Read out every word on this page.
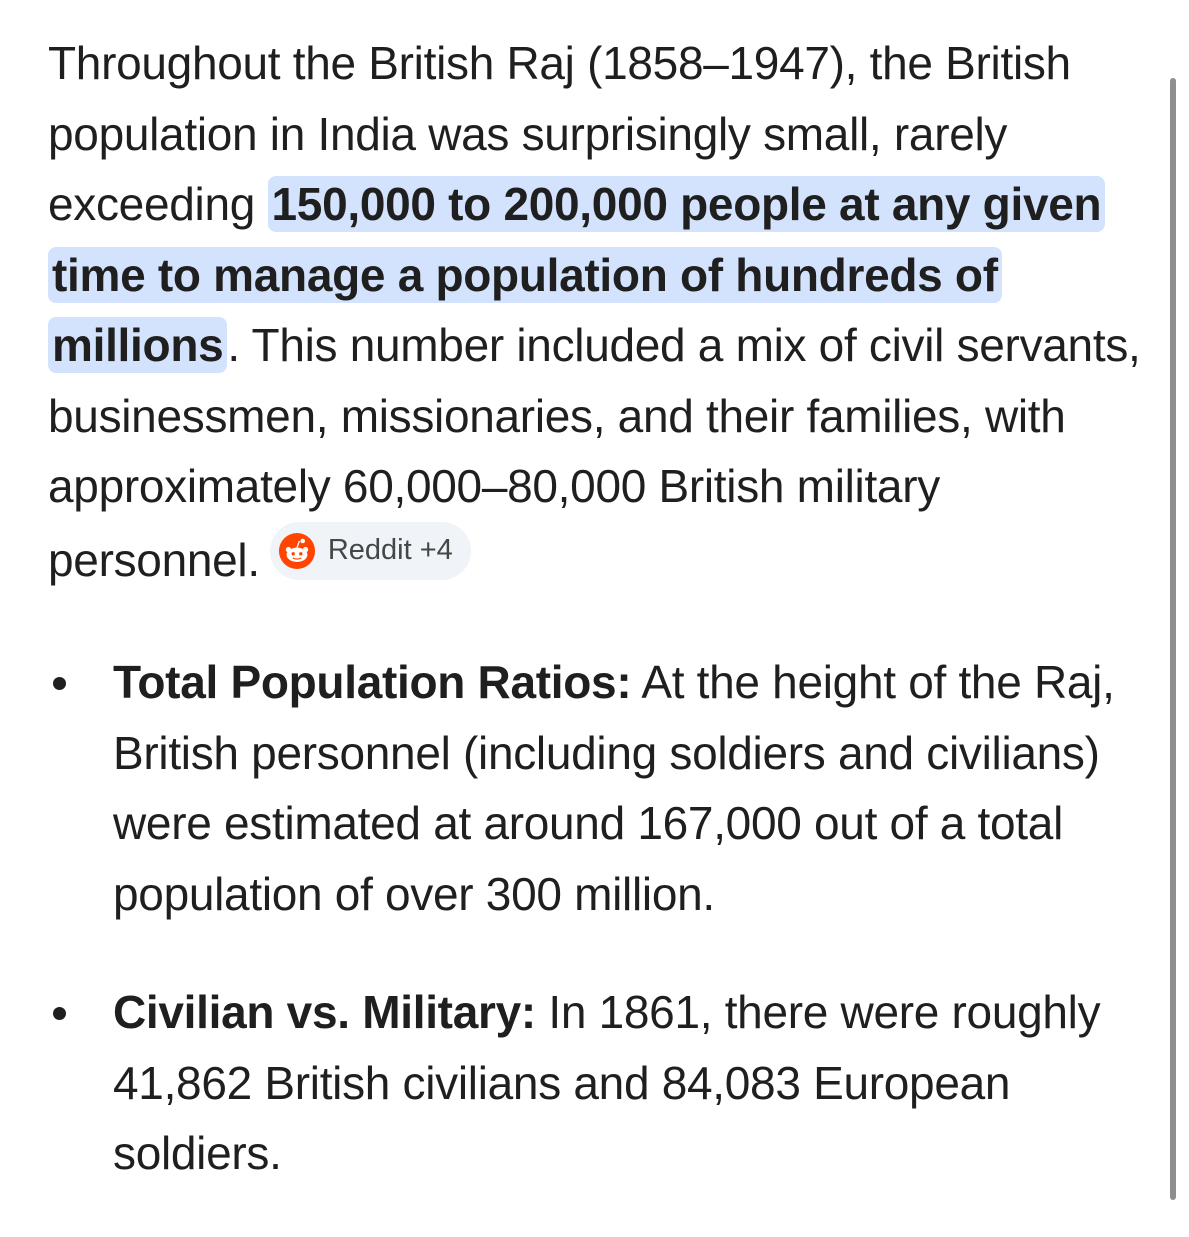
Throughout the British Raj (1858–1947), the British population in India was surprisingly small, rarely exceeding 150,000 to 200,000 people at any given time to manage a population of hundreds of millions. This number included a mix of civil servants, businessmen, missionaries, and their families, with approximately 60,000–80,000 British military personnel. Reddit +4

Total Population Ratios: At the height of the Raj, British personnel (including soldiers and civilians) were estimated at around 167,000 out of a total population of over 300 million.
Civilian vs. Military: In 1861, there were roughly 41,862 British civilians and 84,083 European soldiers.
